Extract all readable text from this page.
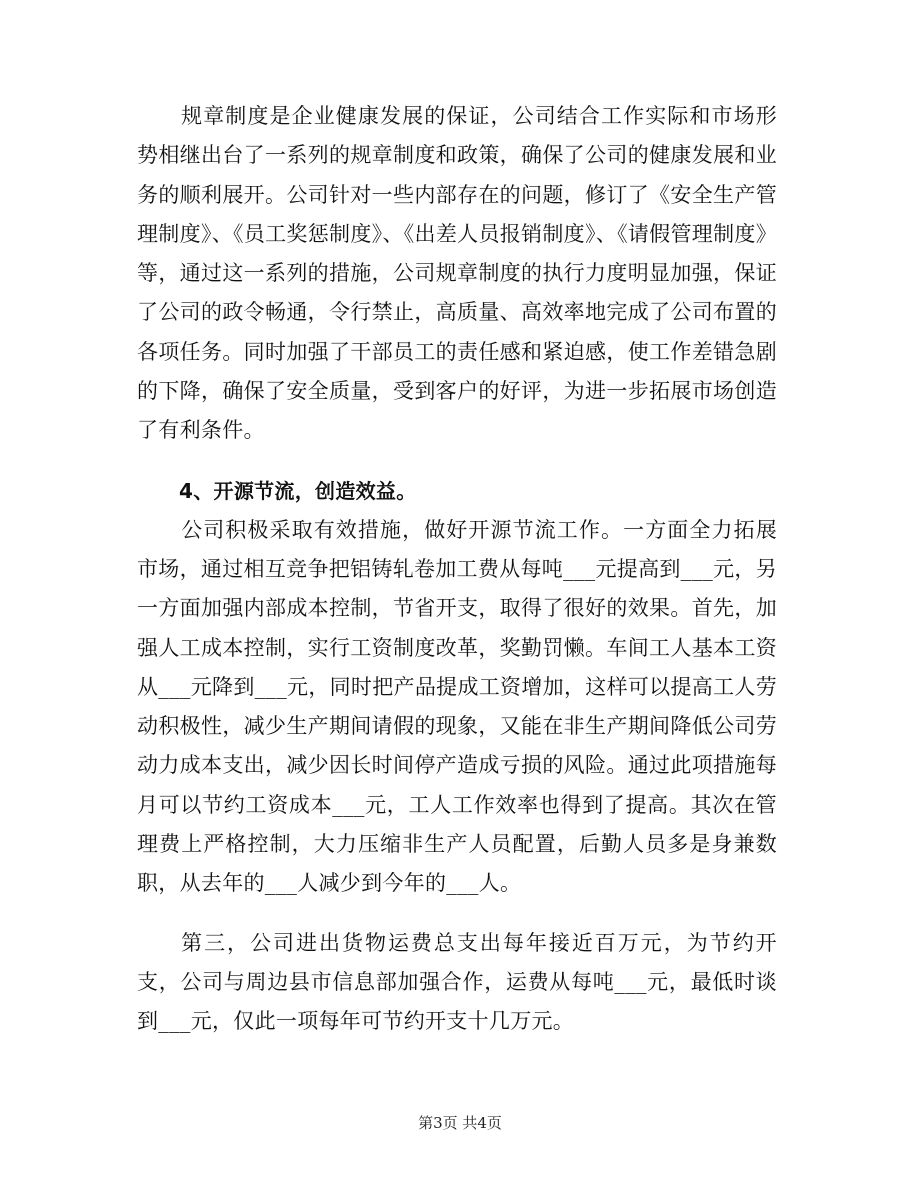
规章制度是企业健康发展的保证，公司结合工作实际和市场形势相继出台了一系列的规章制度和政策，确保了公司的健康发展和业务的顺利展开。公司针对一些内部存在的问题，修订了《安全生产管理制度》、《员工奖惩制度》、《出差人员报销制度》、《请假管理制度》等，通过这一系列的措施，公司规章制度的执行力度明显加强，保证了公司的政令畅通，令行禁止，高质量、高效率地完成了公司布置的各项任务。同时加强了干部员工的责任感和紧迫感，使工作差错急剧的下降，确保了安全质量，受到客户的好评，为进一步拓展市场创造了有利条件。

4、开源节流，创造效益。

公司积极采取有效措施，做好开源节流工作。一方面全力拓展市场，通过相互竞争把铝铸轧卷加工费从每吨___元提高到___元，另一方面加强内部成本控制，节省开支，取得了很好的效果。首先，加强人工成本控制，实行工资制度改革，奖勤罚懒。车间工人基本工资从___元降到___元，同时把产品提成工资增加，这样可以提高工人劳动积极性，减少生产期间请假的现象，又能在非生产期间降低公司劳动力成本支出，减少因长时间停产造成亏损的风险。通过此项措施每月可以节约工资成本___元，工人工作效率也得到了提高。其次在管理费上严格控制，大力压缩非生产人员配置，后勤人员多是身兼数职，从去年的___人减少到今年的___人。

第三，公司进出货物运费总支出每年接近百万元，为节约开支，公司与周边县市信息部加强合作，运费从每吨___元，最低时谈到___元，仅此一项每年可节约开支十几万元。

第3页 共4页
